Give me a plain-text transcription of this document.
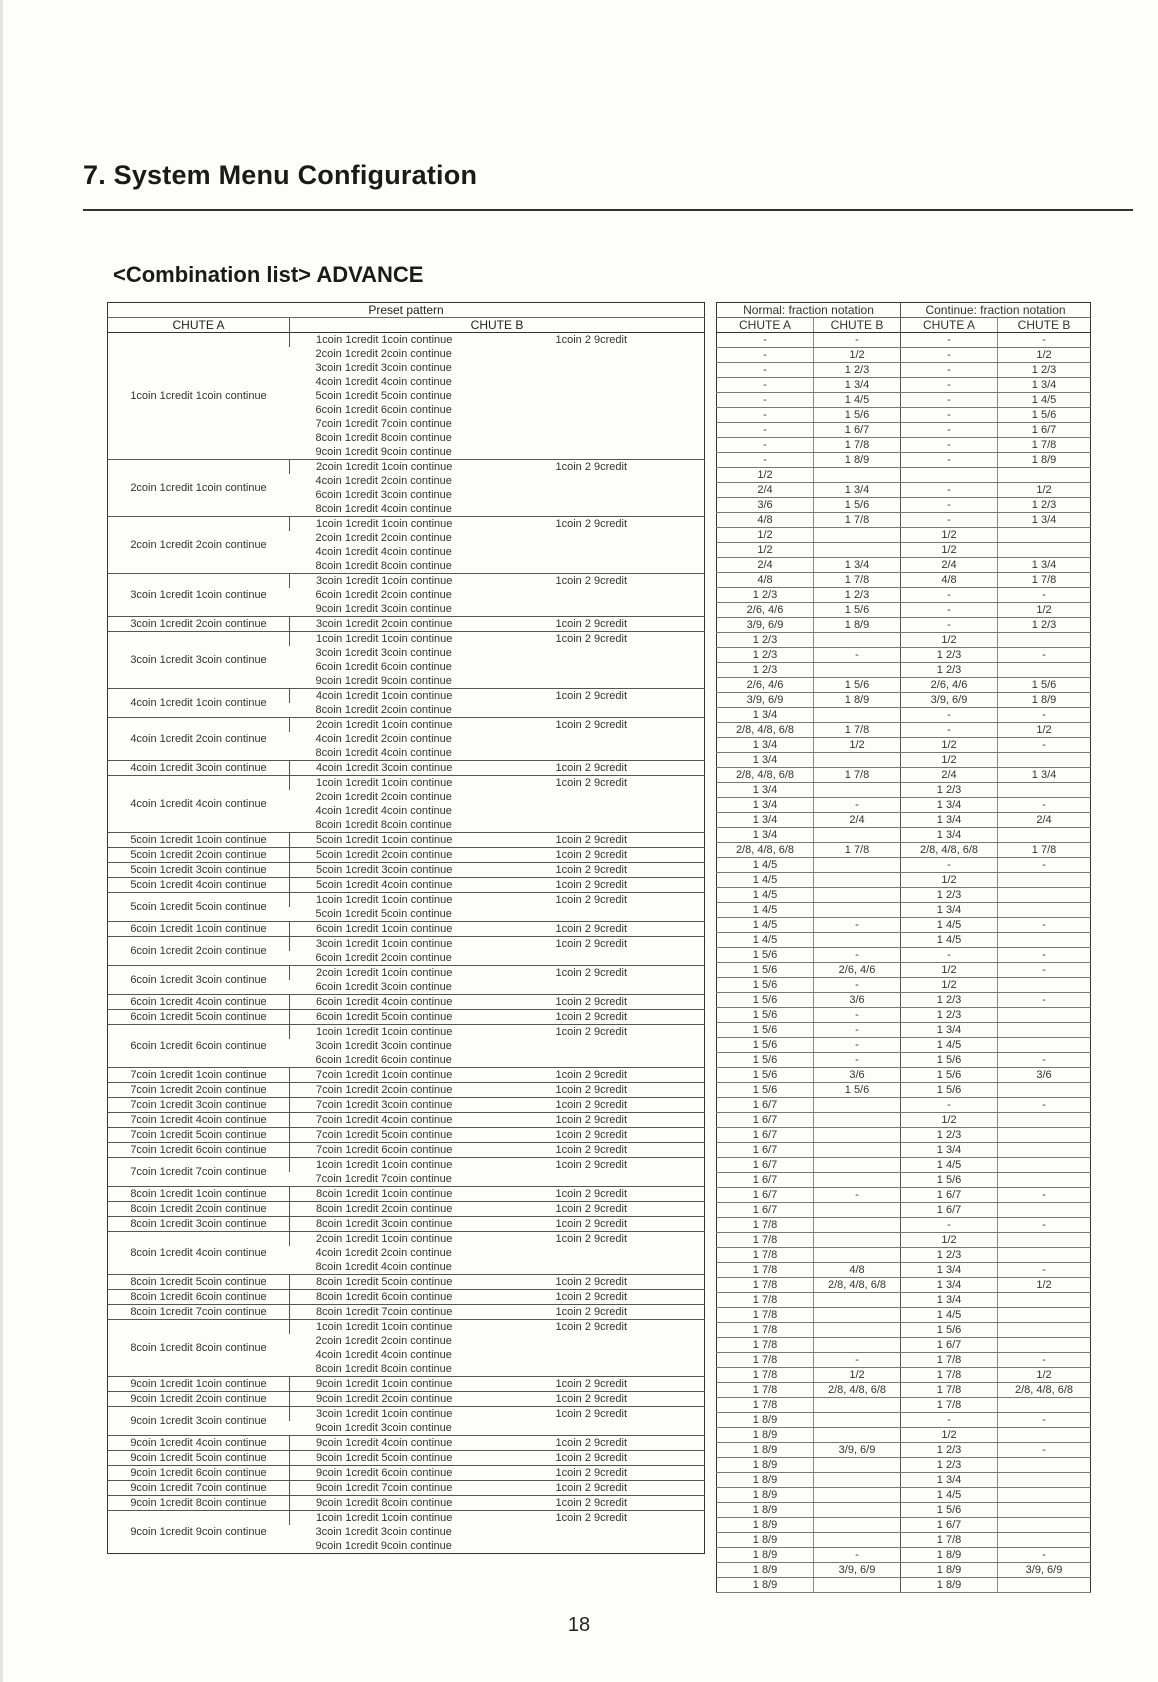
7. System Menu Configuration
<Combination list> ADVANCE
Preset pattern		
CHUTE A	CHUTE B	
1coin 1credit 1coin continue	1coin 1credit 1coin continue	1coin 2 9credit
	2coin 1credit 2coin continue	
	3coin 1credit 3coin continue	
	4coin 1credit 4coin continue	
	5coin 1credit 5coin continue	
	6coin 1credit 6coin continue	
	7coin 1credit 7coin continue	
	8coin 1credit 8coin continue	
	9coin 1credit 9coin continue	
2coin 1credit 1coin continue	2coin 1credit 1coin continue	1coin 2 9credit
	4coin 1credit 2coin continue	
	6coin 1credit 3coin continue	
	8coin 1credit 4coin continue	
2coin 1credit 2coin continue	1coin 1credit 1coin continue	1coin 2 9credit
	2coin 1credit 2coin continue	
	4coin 1credit 4coin continue	
	8coin 1credit 8coin continue	
3coin 1credit 1coin continue	3coin 1credit 1coin continue	1coin 2 9credit
	6coin 1credit 2coin continue	
	9coin 1credit 3coin continue	
3coin 1credit 2coin continue	3coin 1credit 2coin continue	1coin 2 9credit
3coin 1credit 3coin continue	1coin 1credit 1coin continue	1coin 2 9credit
	3coin 1credit 3coin continue	
	6coin 1credit 6coin continue	
	9coin 1credit 9coin continue	
4coin 1credit 1coin continue	4coin 1credit 1coin continue	1coin 2 9credit
	8coin 1credit 2coin continue	
4coin 1credit 2coin continue	2coin 1credit 1coin continue	1coin 2 9credit
	4coin 1credit 2coin continue	
	8coin 1credit 4coin continue	
4coin 1credit 3coin continue	4coin 1credit 3coin continue	1coin 2 9credit
4coin 1credit 4coin continue	1coin 1credit 1coin continue	1coin 2 9credit
	2coin 1credit 2coin continue	
	4coin 1credit 4coin continue	
	8coin 1credit 8coin continue	
5coin 1credit 1coin continue	5coin 1credit 1coin continue	1coin 2 9credit
5coin 1credit 2coin continue	5coin 1credit 2coin continue	1coin 2 9credit
5coin 1credit 3coin continue	5coin 1credit 3coin continue	1coin 2 9credit
5coin 1credit 4coin continue	5coin 1credit 4coin continue	1coin 2 9credit
5coin 1credit 5coin continue	1coin 1credit 1coin continue	1coin 2 9credit
	5coin 1credit 5coin continue	
6coin 1credit 1coin continue	6coin 1credit 1coin continue	1coin 2 9credit
6coin 1credit 2coin continue	3coin 1credit 1coin continue	1coin 2 9credit
	6coin 1credit 2coin continue	
6coin 1credit 3coin continue	2coin 1credit 1coin continue	1coin 2 9credit
	6coin 1credit 3coin continue	
6coin 1credit 4coin continue	6coin 1credit 4coin continue	1coin 2 9credit
6coin 1credit 5coin continue	6coin 1credit 5coin continue	1coin 2 9credit
6coin 1credit 6coin continue	1coin 1credit 1coin continue	1coin 2 9credit
	3coin 1credit 3coin continue	
	6coin 1credit 6coin continue	
7coin 1credit 1coin continue	7coin 1credit 1coin continue	1coin 2 9credit
7coin 1credit 2coin continue	7coin 1credit 2coin continue	1coin 2 9credit
7coin 1credit 3coin continue	7coin 1credit 3coin continue	1coin 2 9credit
7coin 1credit 4coin continue	7coin 1credit 4coin continue	1coin 2 9credit
7coin 1credit 5coin continue	7coin 1credit 5coin continue	1coin 2 9credit
7coin 1credit 6coin continue	7coin 1credit 6coin continue	1coin 2 9credit
7coin 1credit 7coin continue	1coin 1credit 1coin continue	1coin 2 9credit
	7coin 1credit 7coin continue	
8coin 1credit 1coin continue	8coin 1credit 1coin continue	1coin 2 9credit
8coin 1credit 2coin continue	8coin 1credit 2coin continue	1coin 2 9credit
8coin 1credit 3coin continue	8coin 1credit 3coin continue	1coin 2 9credit
8coin 1credit 4coin continue	2coin 1credit 1coin continue	1coin 2 9credit
	4coin 1credit 2coin continue	
	8coin 1credit 4coin continue	
8coin 1credit 5coin continue	8coin 1credit 5coin continue	1coin 2 9credit
8coin 1credit 6coin continue	8coin 1credit 6coin continue	1coin 2 9credit
8coin 1credit 7coin continue	8coin 1credit 7coin continue	1coin 2 9credit
8coin 1credit 8coin continue	1coin 1credit 1coin continue	1coin 2 9credit
	2coin 1credit 2coin continue	
	4coin 1credit 4coin continue	
	8coin 1credit 8coin continue	
9coin 1credit 1coin continue	9coin 1credit 1coin continue	1coin 2 9credit
9coin 1credit 2coin continue	9coin 1credit 2coin continue	1coin 2 9credit
9coin 1credit 3coin continue	3coin 1credit 1coin continue	1coin 2 9credit
	9coin 1credit 3coin continue	
9coin 1credit 4coin continue	9coin 1credit 4coin continue	1coin 2 9credit
9coin 1credit 5coin continue	9coin 1credit 5coin continue	1coin 2 9credit
9coin 1credit 6coin continue	9coin 1credit 6coin continue	1coin 2 9credit
9coin 1credit 7coin continue	9coin 1credit 7coin continue	1coin 2 9credit
9coin 1credit 8coin continue	9coin 1credit 8coin continue	1coin 2 9credit
9coin 1credit 9coin continue	1coin 1credit 1coin continue	1coin 2 9credit
	3coin 1credit 3coin continue	
	9coin 1credit 9coin continue	
Normal: fraction notation		Continue: fraction notation	
CHUTE A	CHUTE B	CHUTE A	CHUTE B
-	-	-	-
-	1/2	-	1/2
-	1 2/3	-	1 2/3
-	1 3/4	-	1 3/4
-	1 4/5	-	1 4/5
-	1 5/6	-	1 5/6
-	1 6/7	-	1 6/7
-	1 7/8	-	1 7/8
-	1 8/9	-	1 8/9
1/2			
2/4	1 3/4	-	1/2
3/6	1 5/6	-	1 2/3
4/8	1 7/8	-	1 3/4
1/2		1/2	
1/2		1/2	
2/4	1 3/4	2/4	1 3/4
4/8	1 7/8	4/8	1 7/8
1 2/3	1 2/3	-	-
2/6, 4/6	1 5/6	-	1/2
3/9, 6/9	1 8/9	-	1 2/3
1 2/3		1/2	
1 2/3	-	1 2/3	-
1 2/3		1 2/3	
2/6, 4/6	1 5/6	2/6, 4/6	1 5/6
3/9, 6/9	1 8/9	3/9, 6/9	1 8/9
1 3/4		-	-
2/8, 4/8, 6/8	1 7/8	-	1/2
1 3/4	1/2	1/2	-
1 3/4		1/2	
2/8, 4/8, 6/8	1 7/8	2/4	1 3/4
1 3/4		1 2/3	
1 3/4	-	1 3/4	-
1 3/4	2/4	1 3/4	2/4
1 3/4		1 3/4	
2/8, 4/8, 6/8	1 7/8	2/8, 4/8, 6/8	1 7/8
1 4/5		-	-
1 4/5		1/2	
1 4/5		1 2/3	
1 4/5		1 3/4	
1 4/5	-	1 4/5	-
1 4/5		1 4/5	
1 5/6	-	-	-
1 5/6	2/6, 4/6	1/2	-
1 5/6	-	1/2	
1 5/6	3/6	1 2/3	-
1 5/6	-	1 2/3	
1 5/6	-	1 3/4	
1 5/6	-	1 4/5	
1 5/6	-	1 5/6	-
1 5/6	3/6	1 5/6	3/6
1 5/6	1 5/6	1 5/6	
1 6/7		-	-
1 6/7		1/2	
1 6/7		1 2/3	
1 6/7		1 3/4	
1 6/7		1 4/5	
1 6/7		1 5/6	
1 6/7	-	1 6/7	-
1 6/7		1 6/7	
1 7/8		-	-
1 7/8		1/2	
1 7/8		1 2/3	
1 7/8	4/8	1 3/4	-
1 7/8	2/8, 4/8, 6/8	1 3/4	1/2
1 7/8		1 3/4	
1 7/8		1 4/5	
1 7/8		1 5/6	
1 7/8		1 6/7	
1 7/8	-	1 7/8	-
1 7/8	1/2	1 7/8	1/2
1 7/8	2/8, 4/8, 6/8	1 7/8	2/8, 4/8, 6/8
1 7/8		1 7/8	
1 8/9		-	-
1 8/9		1/2	
1 8/9	3/9, 6/9	1 2/3	-
1 8/9		1 2/3	
1 8/9		1 3/4	
1 8/9		1 4/5	
1 8/9		1 5/6	
1 8/9		1 6/7	
1 8/9		1 7/8	
1 8/9	-	1 8/9	-
1 8/9	3/9, 6/9	1 8/9	3/9, 6/9
1 8/9		1 8/9	
18
